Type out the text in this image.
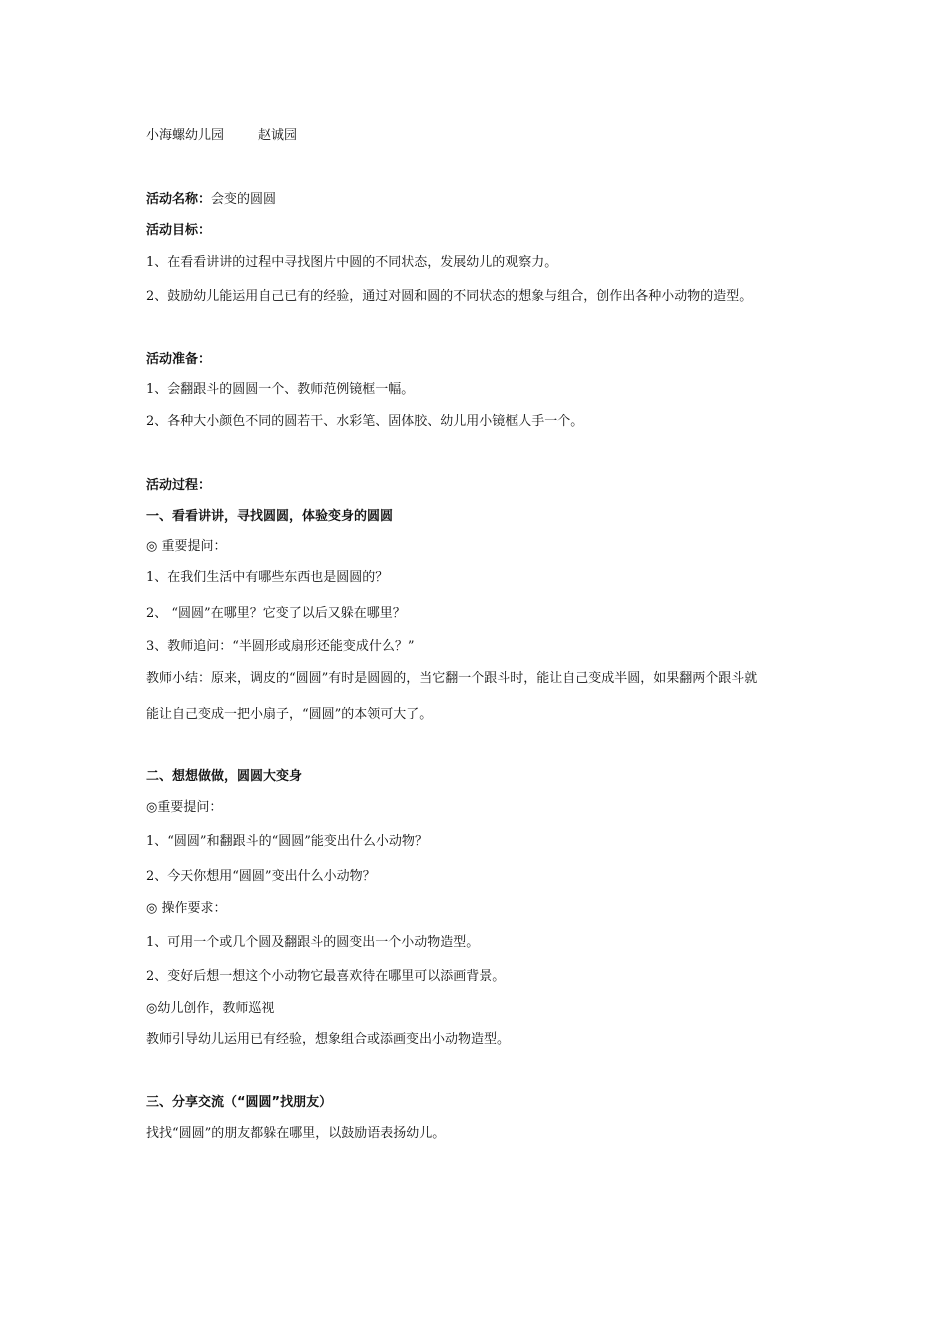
小海螺幼儿园	赵诚园

活动名称：会变的圆圆

活动目标：

1、在看看讲讲的过程中寻找图片中圆的不同状态，发展幼儿的观察力。

2、鼓励幼儿能运用自己已有的经验，通过对圆和圆的不同状态的想象与组合，创作出各种小动物的造型。

活动准备：

1、会翻跟斗的圆圆一个、教师范例镜框一幅。

2、各种大小颜色不同的圆若干、水彩笔、固体胶、幼儿用小镜框人手一个。

活动过程：

一、看看讲讲，寻找圆圆，体验变身的圆圆

◎ 重要提问：

1、在我们生活中有哪些东西也是圆圆的？

2、 “圆圆”在哪里？它变了以后又躲在哪里？

3、教师追问：“半圆形或扇形还能变成什么？”

教师小结：原来，调皮的“圆圆”有时是圆圆的，当它翻一个跟斗时，能让自己变成半圆，如果翻两个跟斗就

能让自己变成一把小扇子，“圆圆”的本领可大了。

二、想想做做，圆圆大变身

◎重要提问：

1、“圆圆”和翻跟斗的“圆圆”能变出什么小动物？

2、今天你想用“圆圆”变出什么小动物？

◎ 操作要求：

1、可用一个或几个圆及翻跟斗的圆变出一个小动物造型。

2、变好后想一想这个小动物它最喜欢待在哪里可以添画背景。

◎幼儿创作，教师巡视

教师引导幼儿运用已有经验，想象组合或添画变出小动物造型。

三、分享交流（“圆圆”找朋友）

找找“圆圆”的朋友都躲在哪里，以鼓励语表扬幼儿。
